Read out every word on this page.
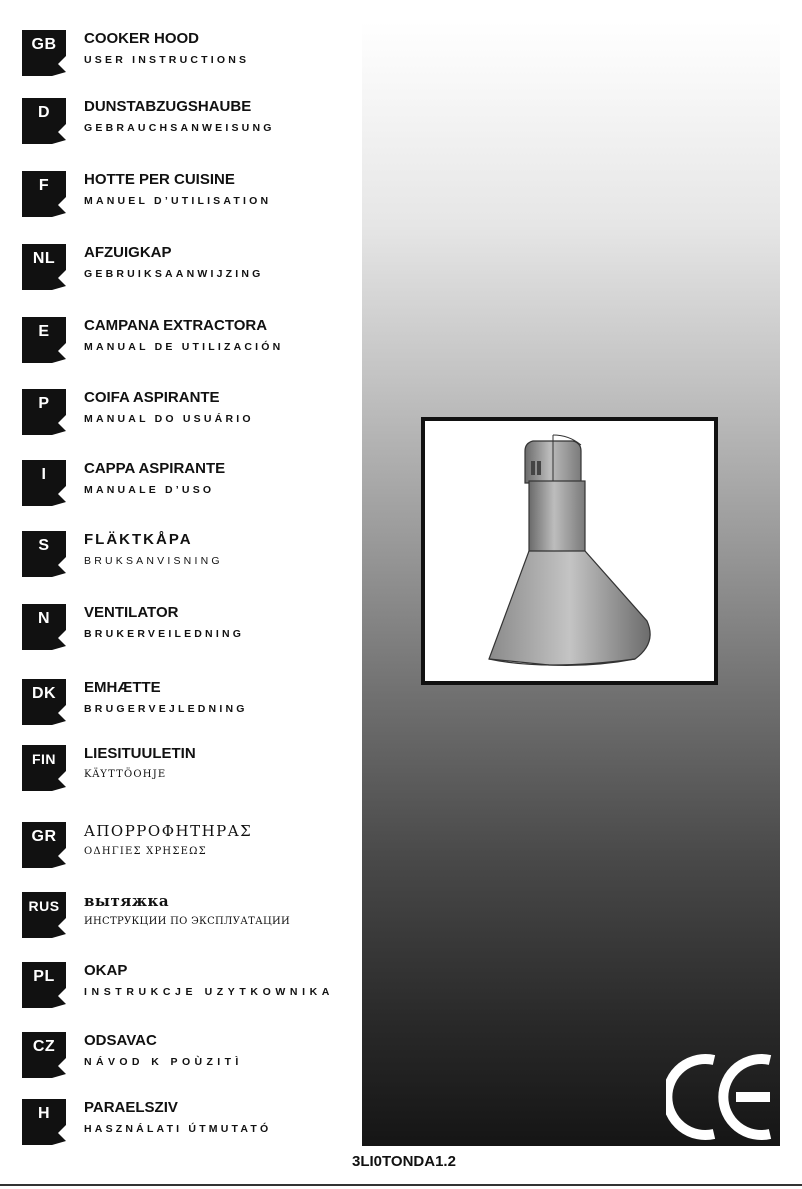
GB	COOKER HOOD
USER INSTRUCTIONS
D	DUNSTABZUGSHAUBE
GEBRAUCHSANWEISUNG
F	HOTTE PER CUISINE
MANUEL D’UTILISATION
NL	AFZUIGKAP
GEBRUIKSAANWIJZING
E	CAMPANA EXTRACTORA
MANUAL DE UTILIZACIÓN
P	COIFA ASPIRANTE
MANUAL DO USUÁRIO
I	CAPPA ASPIRANTE
MANUALE D’USO
S	FLÄKTKÅPA
BRUKSANVISNING
N	VENTILATOR
BRUKERVEILEDNING
DK	EMHÆTTE
BRUGERVEJLEDNING
FIN	LIESITUULETIN
KÄYTTÖOHJE
GR	ΑΠΟΡΡΟΦΗΤΗΡΑΣ
ΟΔΗΓΙΕΣ ΧΡΗΣΕΩΣ
RUS	вытяжка
ИНСТРУКЦИИ ПО ЭКСПЛУАТАЦИИ
PL	OKAP
INSTRUKCJE UZYTKOWNIKA
CZ	ODSAVAC
NÁVOD K POÙZITÌ
H	PARAELSZIV
HASZNÁLATI ÚTMUTATÓ
3LI0TONDA1.2
